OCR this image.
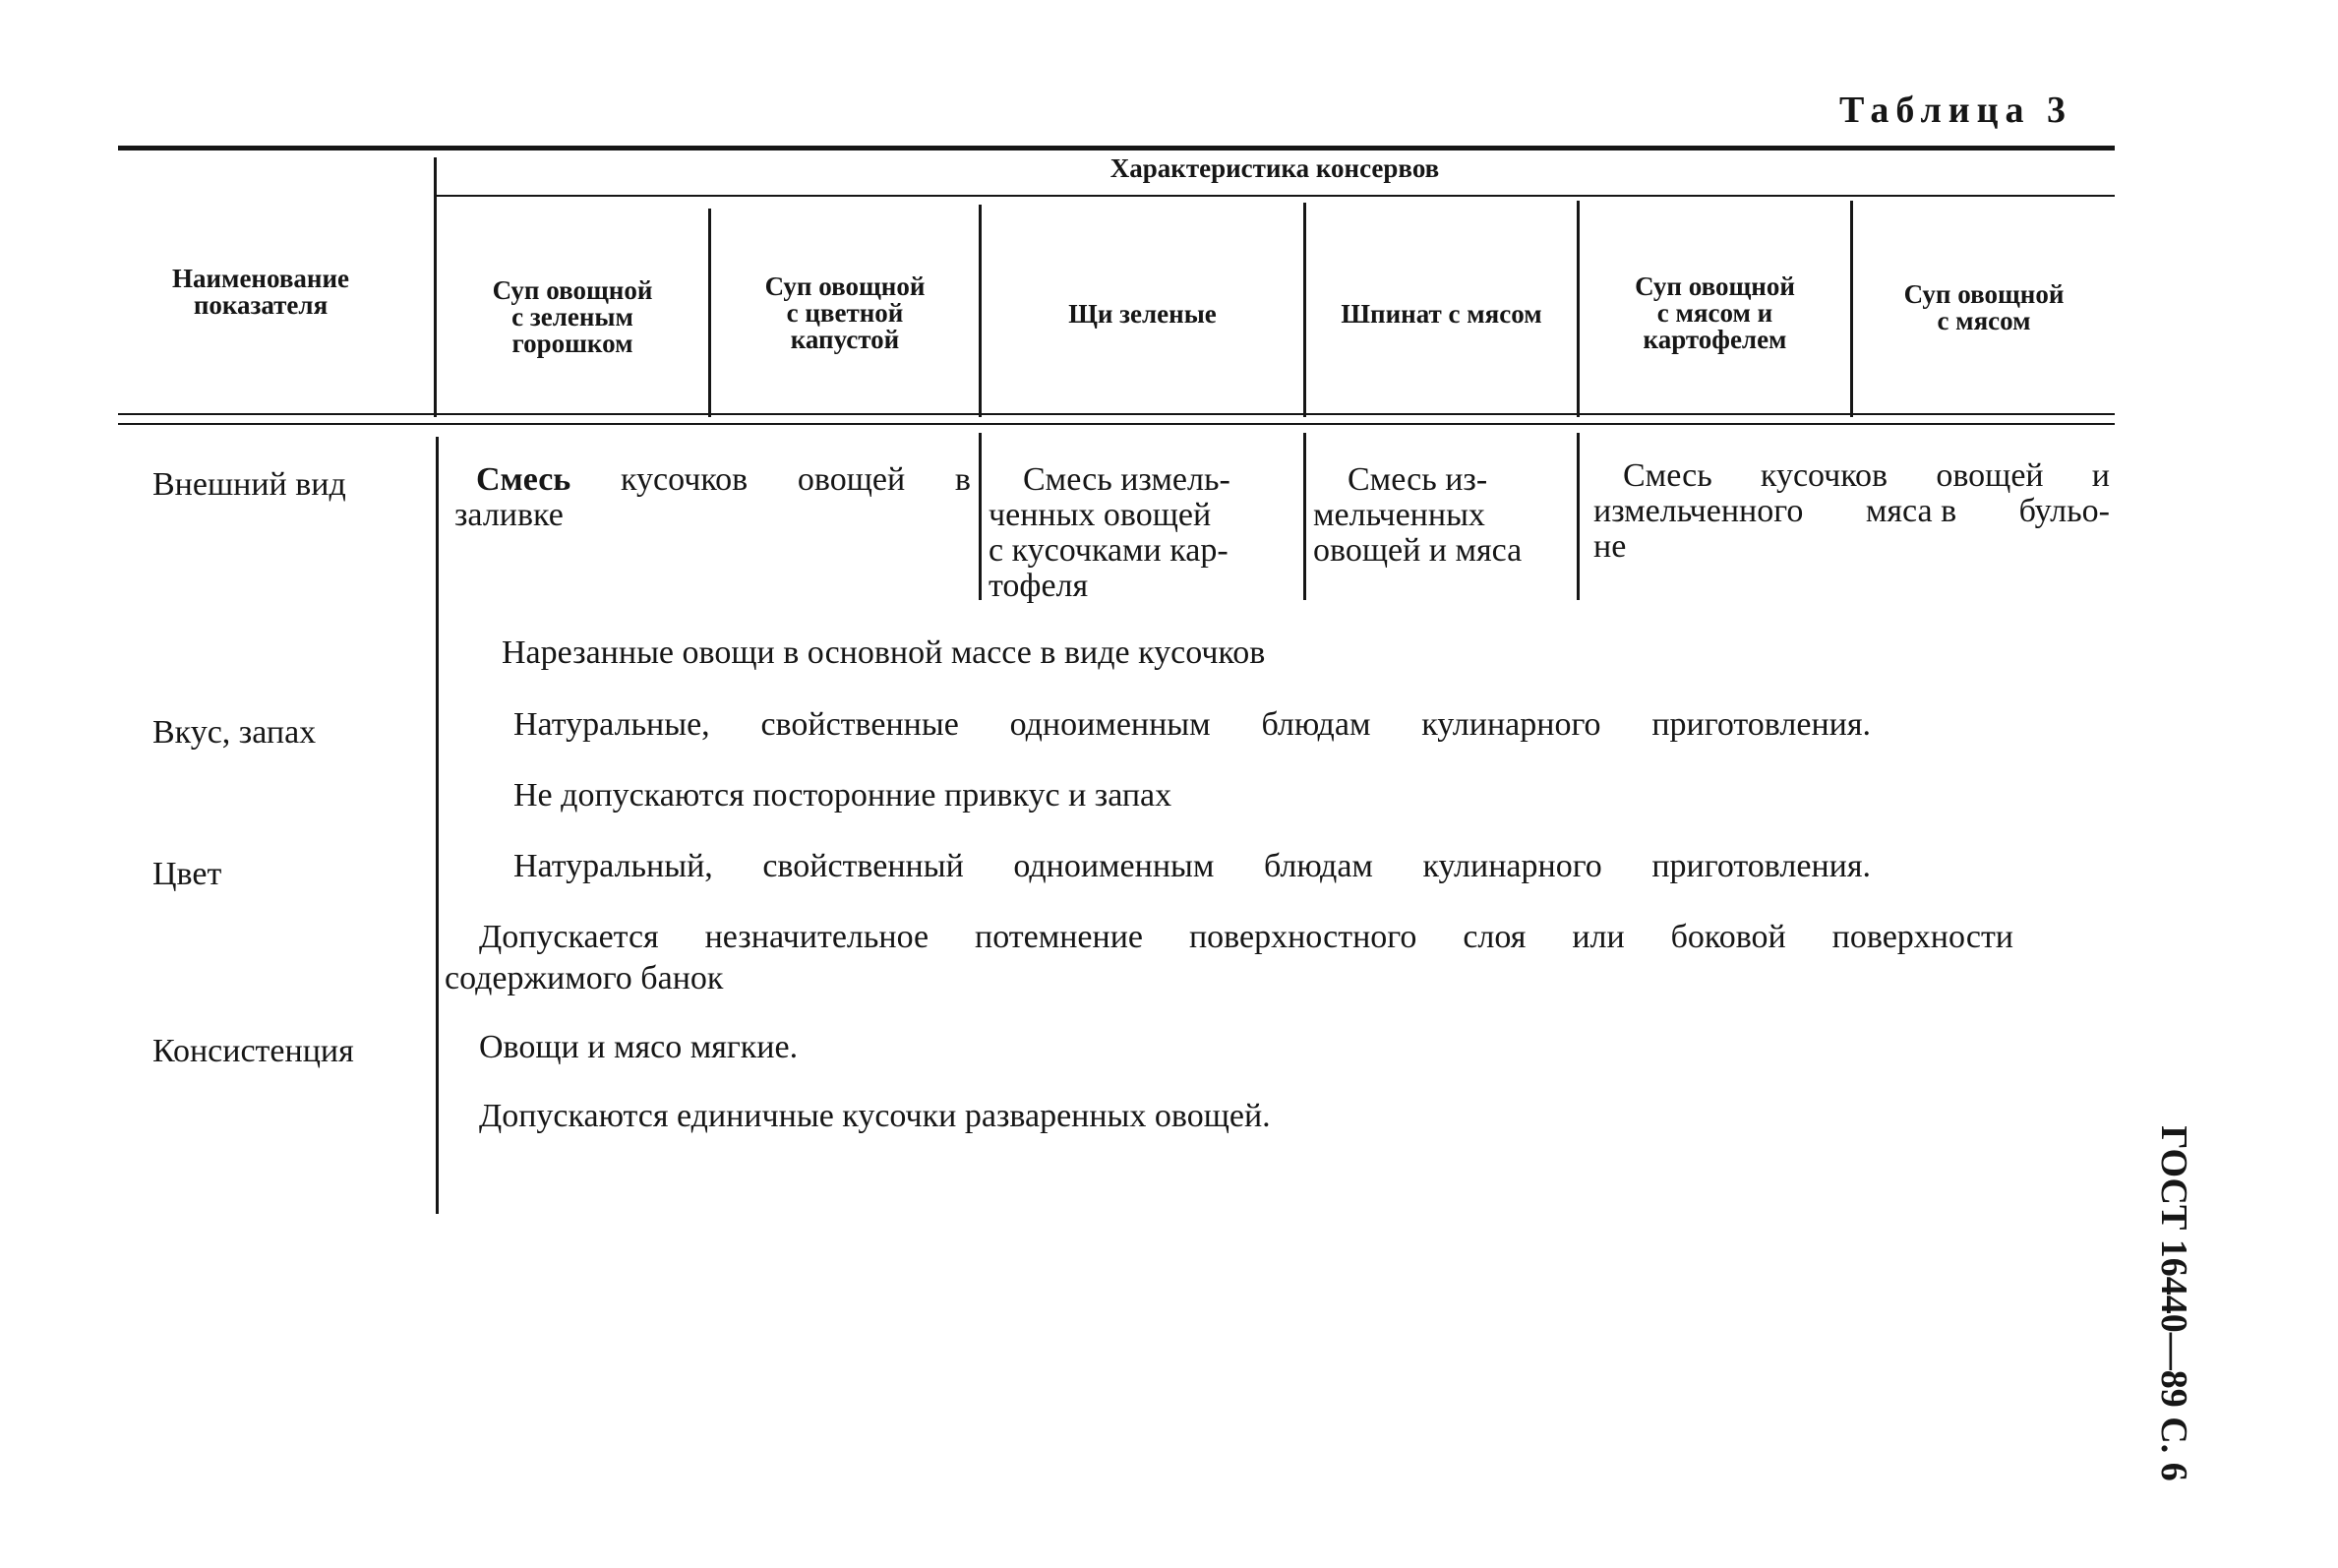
Таблица 3
Наименование
показателя
Характеристика консервов
Суп овощной
с зеленым
горошком
Суп овощной
с цветной
капустой
Щи зеленые	Шпинат с мясом
Суп овощной
с мясом и
картофелем
Суп овощной
с мясом
Внешний вид
Вкус, запах
Цвет
Консистенция
Смесь кусочков овощей в
заливке
Смесь измель-
ченных овощей
с кусочками кар-
тофеля
Смесь из-
мельченных
овощей и мяса
Смесь кусочков овощей и
измельченного мяса в бульо-
не
Нарезанные овощи в основной массе в виде кусочков
Натуральные, свойственные одноименным блюдам кулинарного приготовления.
Не допускаются посторонние привкус и запах
Натуральный, свойственный одноименным блюдам кулинарного приготовления.
Допускается незначительное потемнение поверхностного слоя или боковой поверхности
содержимого банок
Овощи и мясо мягкие.
Допускаются единичные кусочки разваренных овощей.
ГОСТ 16440—89 С. 6
